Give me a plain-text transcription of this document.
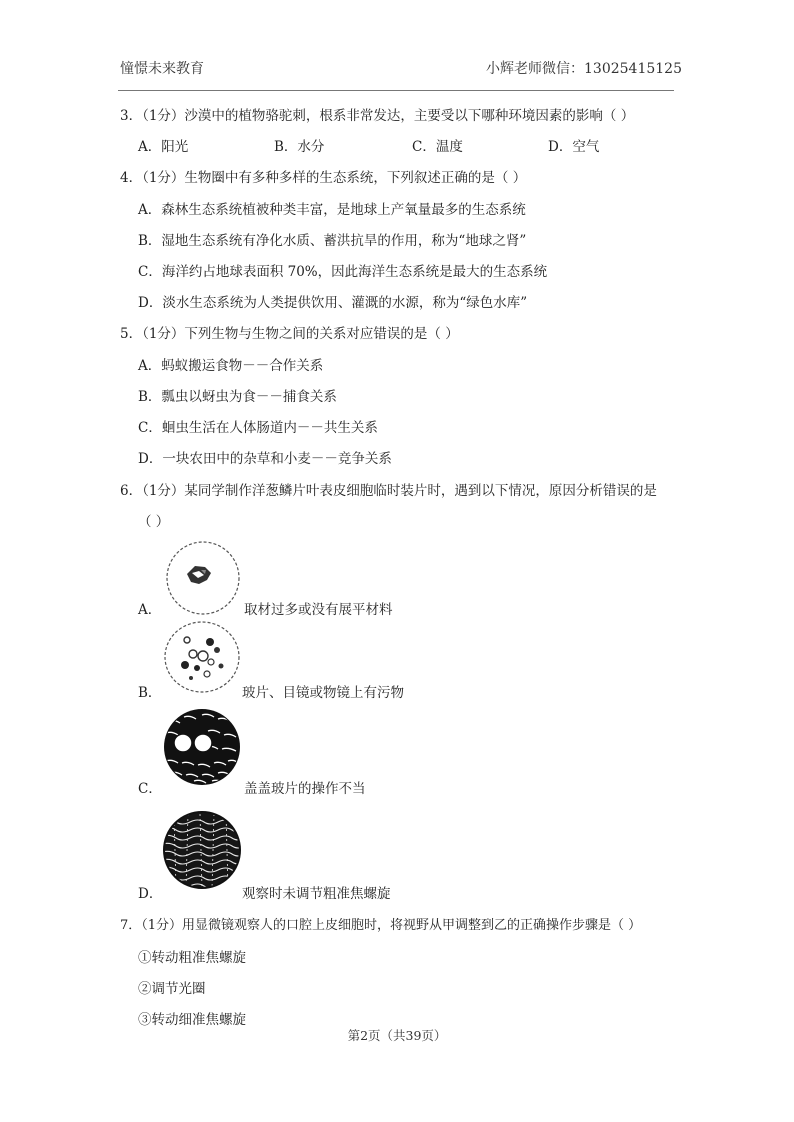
憧憬未来教育	小辉老师微信：13025415125
3．（1分）沙漠中的植物骆驼刺，根系非常发达，主要受以下哪种环境因素的影响（ ）
A．阳光	B．水分	C．温度	D．空气
4．（1分）生物圈中有多种多样的生态系统，下列叙述正确的是（ ）
A．森林生态系统植被种类丰富，是地球上产氧量最多的生态系统
B．湿地生态系统有净化水质、蓄洪抗旱的作用，称为“地球之肾”
C．海洋约占地球表面积 70%，因此海洋生态系统是最大的生态系统
D．淡水生态系统为人类提供饮用、灌溉的水源，称为“绿色水库”
5．（1分）下列生物与生物之间的关系对应错误的是（ ）
A．蚂蚁搬运食物－－合作关系
B．瓢虫以蚜虫为食－－捕食关系
C．蛔虫生活在人体肠道内－－共生关系
D．一块农田中的杂草和小麦－－竞争关系
6．（1分）某同学制作洋葱鳞片叶表皮细胞临时装片时，遇到以下情况，原因分析错误的是
（ ）
A．	取材过多或没有展平材料
B．	玻片、目镜或物镜上有污物
C．	盖盖玻片的操作不当
D．	观察时未调节粗准焦螺旋
7．（1分）用显微镜观察人的口腔上皮细胞时，将视野从甲调整到乙的正确操作步骤是（ ）
①转动粗准焦螺旋
②调节光圈
③转动细准焦螺旋
第2页（共39页）
